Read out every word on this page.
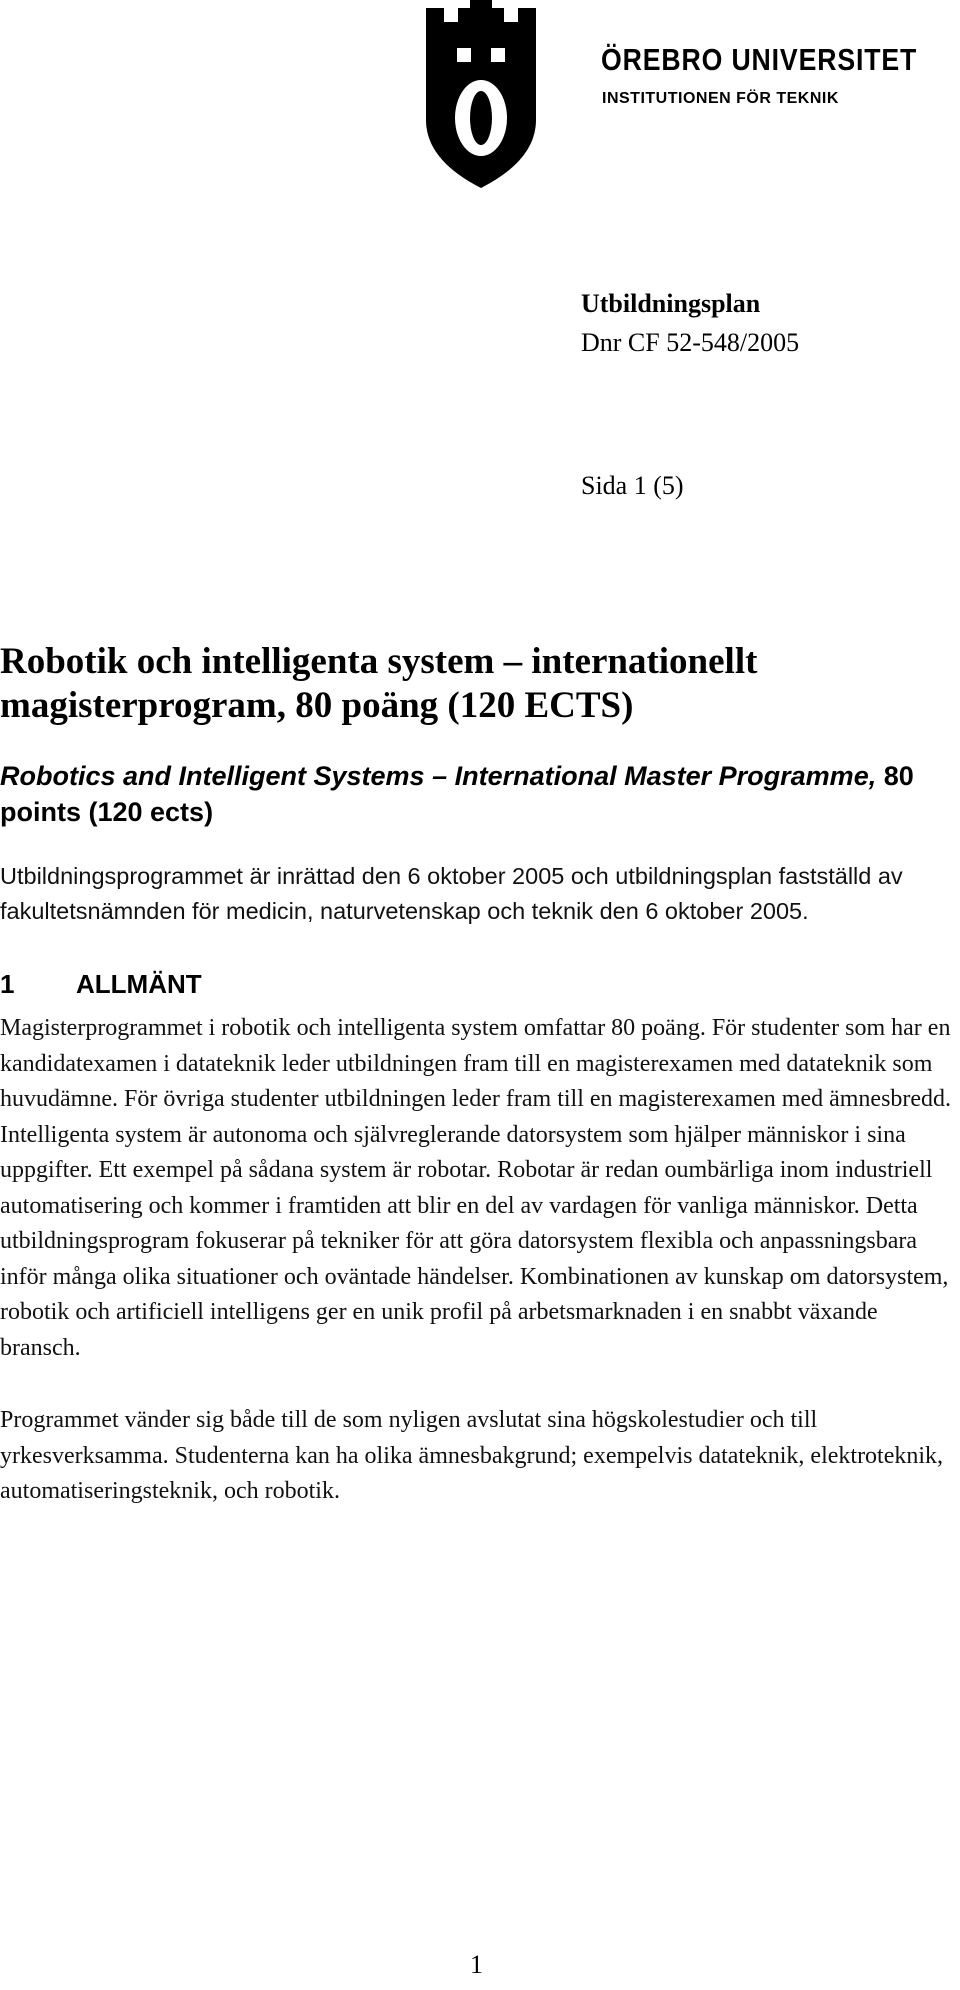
ÖREBRO UNIVERSITET
INSTITUTIONEN FÖR TEKNIK
Utbildningsplan
Dnr CF 52-548/2005
Sida 1 (5)
Robotik och intelligenta system – internationellt magisterprogram, 80 poäng (120 ECTS)
Robotics and Intelligent Systems – International Master Programme, 80 points (120 ects)

Utbildningsprogrammet är inrättad den 6 oktober 2005 och utbildningsplan fastställd av fakultetsnämnden för medicin, naturvetenskap och teknik den 6 oktober 2005.

1	ALLMÄNT

Magisterprogrammet i robotik och intelligenta system omfattar 80 poäng. För studenter som har en kandidatexamen i datateknik leder utbildningen fram till en magisterexamen med datateknik som huvudämne. För övriga studenter utbildningen leder fram till en magisterexamen med ämnesbredd. Intelligenta system är autonoma och självreglerande datorsystem som hjälper människor i sina uppgifter. Ett exempel på sådana system är robotar. Robotar är redan oumbärliga inom industriell automatisering och kommer i framtiden att blir en del av vardagen för vanliga människor. Detta utbildningsprogram fokuserar på tekniker för att göra datorsystem flexibla och anpassningsbara inför många olika situationer och oväntade händelser. Kombinationen av kunskap om datorsystem, robotik och artificiell intelligens ger en unik profil på arbetsmarknaden i en snabbt växande bransch.

Programmet vänder sig både till de som nyligen avslutat sina högskolestudier och till yrkesverksamma. Studenterna kan ha olika ämnesbakgrund; exempelvis datateknik, elektroteknik, automatiseringsteknik, och robotik.

1
